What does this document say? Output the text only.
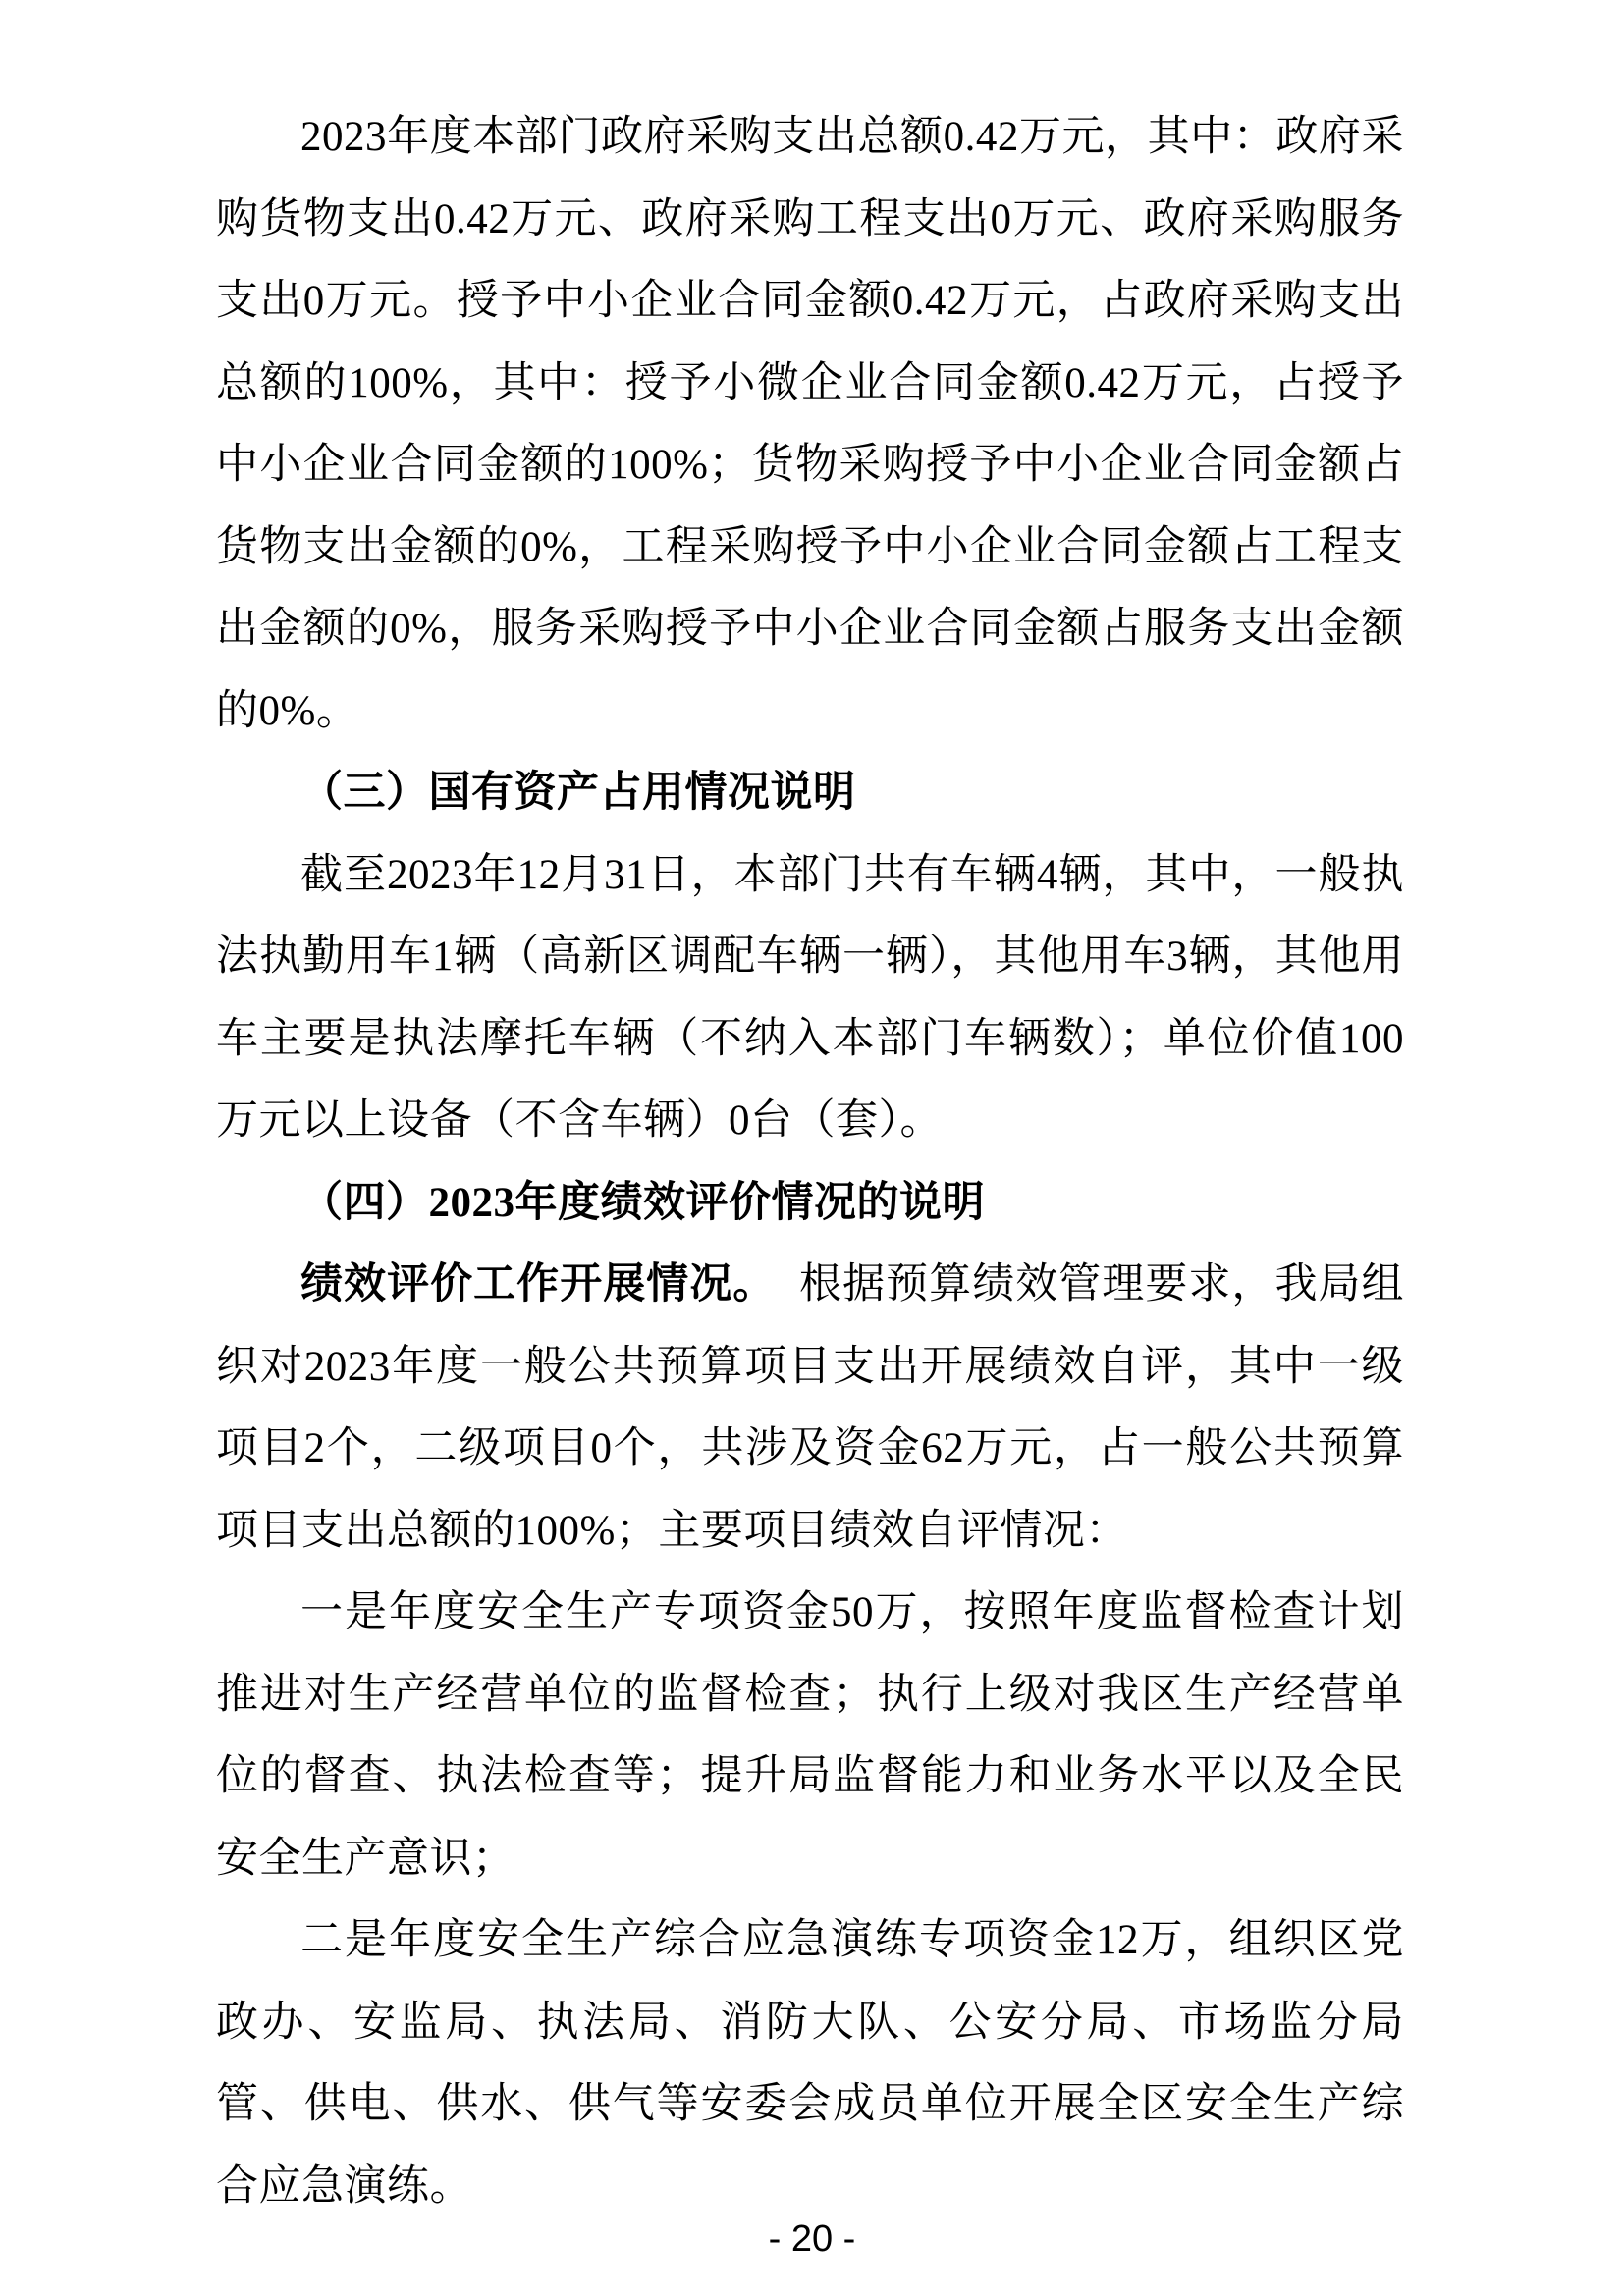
2023年度本部门政府采购支出总额0.42万元，其中：政府采购货物支出0.42万元、政府采购工程支出0万元、政府采购服务支出0万元。授予中小企业合同金额0.42万元，占政府采购支出总额的100%，其中：授予小微企业合同金额0.42万元，占授予中小企业合同金额的100%；货物采购授予中小企业合同金额占货物支出金额的0%，工程采购授予中小企业合同金额占工程支出金额的0%，服务采购授予中小企业合同金额占服务支出金额的0%。

（三）国有资产占用情况说明

截至2023年12月31日，本部门共有车辆4辆，其中，一般执法执勤用车1辆（高新区调配车辆一辆），其他用车3辆，其他用车主要是执法摩托车辆（不纳入本部门车辆数）；单位价值100万元以上设备（不含车辆）0台（套）。

（四）2023年度绩效评价情况的说明

绩效评价工作开展情况。 根据预算绩效管理要求，我局组织对2023年度一般公共预算项目支出开展绩效自评，其中一级项目2个，二级项目0个，共涉及资金62万元，占一般公共预算项目支出总额的100%；主要项目绩效自评情况：

一是年度安全生产专项资金50万，按照年度监督检查计划推进对生产经营单位的监督检查；执行上级对我区生产经营单位的督查、执法检查等；提升局监督能力和业务水平以及全民安全生产意识；

二是年度安全生产综合应急演练专项资金12万，组织区党政办、安监局、执法局、消防大队、公安分局、市场监分局管、供电、供水、供气等安委会成员单位开展全区安全生产综合应急演练。

- 20 -
